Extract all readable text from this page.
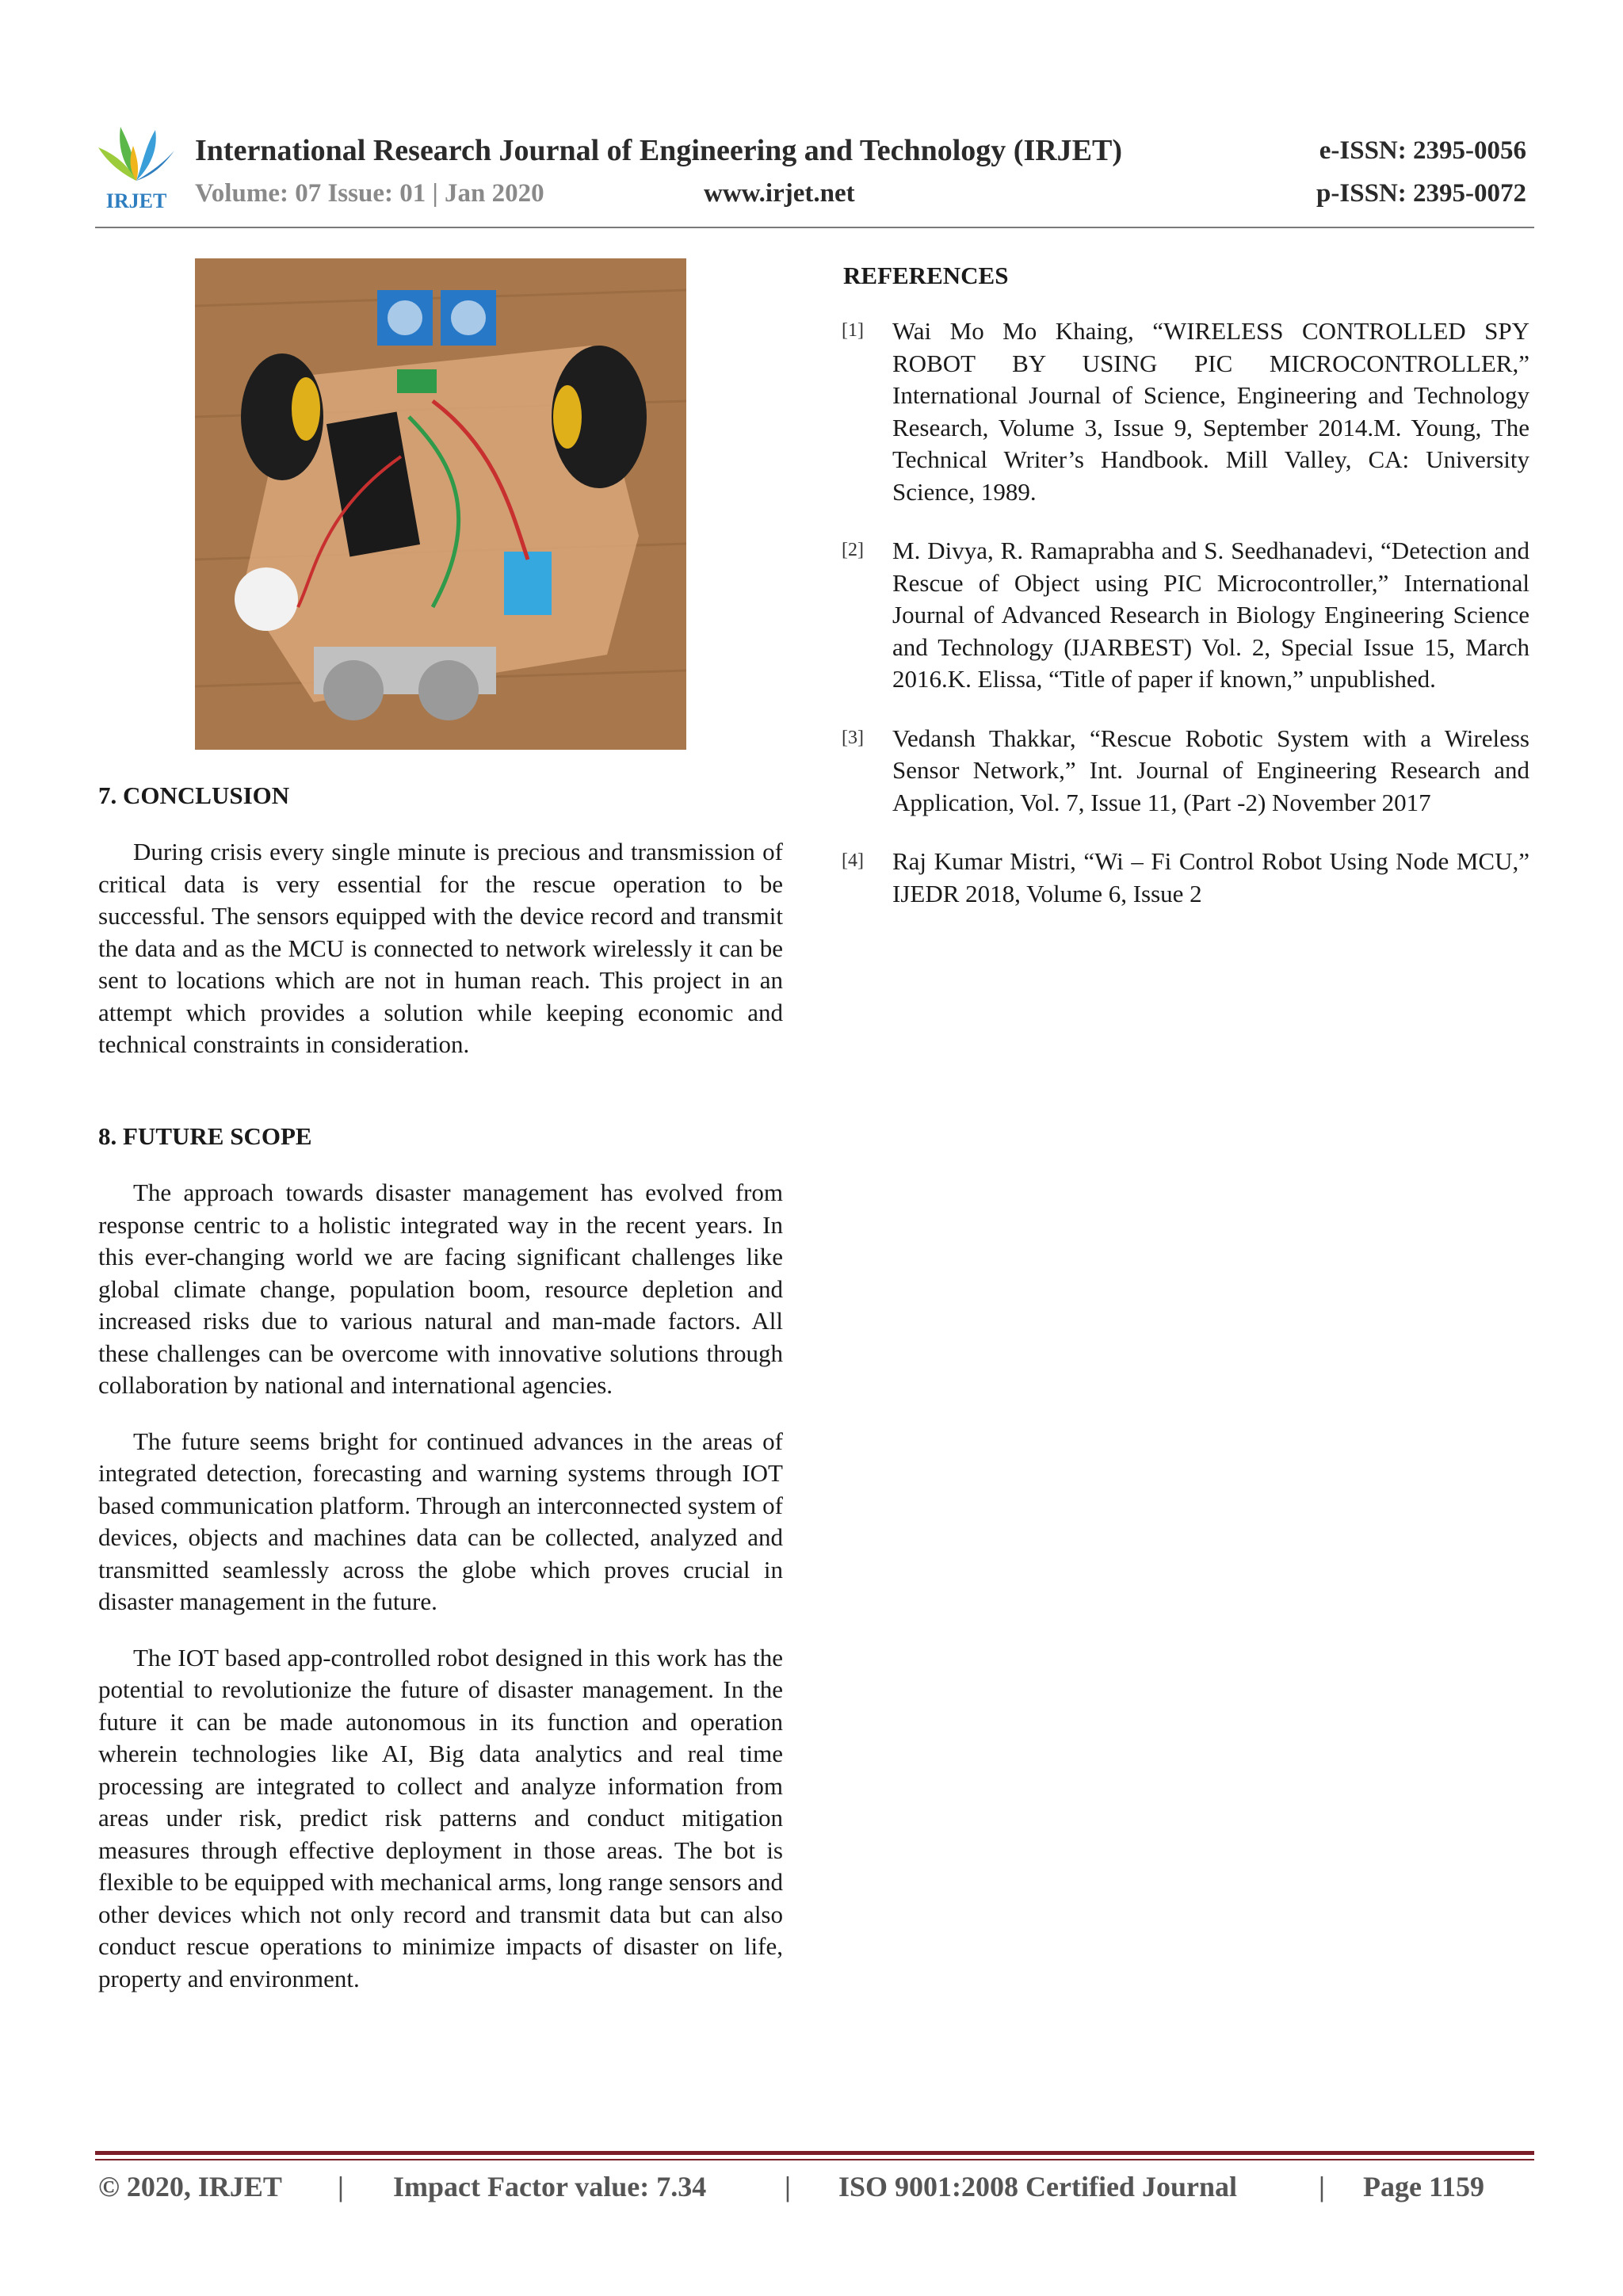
IRJET
International Research Journal of Engineering and Technology (IRJET)
Volume: 07 Issue: 01 | Jan 2020	www.irjet.net
e-ISSN: 2395-0056
p-ISSN: 2395-0072
7. CONCLUSION

During crisis every single minute is precious and transmission of critical data is very essential for the rescue operation to be successful. The sensors equipped with the device record and transmit the data and as the MCU is connected to network wirelessly it can be sent to locations which are not in human reach. This project in an attempt which provides a solution while keeping economic and technical constraints in consideration.

8. FUTURE SCOPE

The approach towards disaster management has evolved from response centric to a holistic integrated way in the recent years. In this ever-changing world we are facing significant challenges like global climate change, population boom, resource depletion and increased risks due to various natural and man-made factors. All these challenges can be overcome with innovative solutions through collaboration by national and international agencies.

The future seems bright for continued advances in the areas of integrated detection, forecasting and warning systems through IOT based communication platform. Through an interconnected system of devices, objects and machines data can be collected, analyzed and transmitted seamlessly across the globe which proves crucial in disaster management in the future.

The IOT based app-controlled robot designed in this work has the potential to revolutionize the future of disaster management. In the future it can be made autonomous in its function and operation wherein technologies like AI, Big data analytics and real time processing are integrated to collect and analyze information from areas under risk, predict risk patterns and conduct mitigation measures through effective deployment in those areas. The bot is flexible to be equipped with mechanical arms, long range sensors and other devices which not only record and transmit data but can also conduct rescue operations to minimize impacts of disaster on life, property and environment.

REFERENCES
[1] Wai Mo Mo Khaing, “WIRELESS CONTROLLED SPY ROBOT BY USING PIC MICROCONTROLLER,” International Journal of Science, Engineering and Technology Research, Volume 3, Issue 9, September 2014.M. Young, The Technical Writer’s Handbook. Mill Valley, CA: University Science, 1989.

[2] M. Divya, R. Ramaprabha and S. Seedhanadevi, “Detection and Rescue of Object using PIC Microcontroller,” International Journal of Advanced Research in Biology Engineering Science and Technology (IJARBEST) Vol. 2, Special Issue 15, March 2016.K. Elissa, “Title of paper if known,” unpublished.

[3] Vedansh Thakkar, “Rescue Robotic System with a Wireless Sensor Network,” Int. Journal of Engineering Research and Application, Vol. 7, Issue 11, (Part -2) November 2017

[4] Raj Kumar Mistri, “Wi – Fi Control Robot Using Node MCU,” IJEDR 2018, Volume 6, Issue 2

© 2020, IRJET | Impact Factor value: 7.34	| ISO 9001:2008 Certified Journal	| Page 1159
